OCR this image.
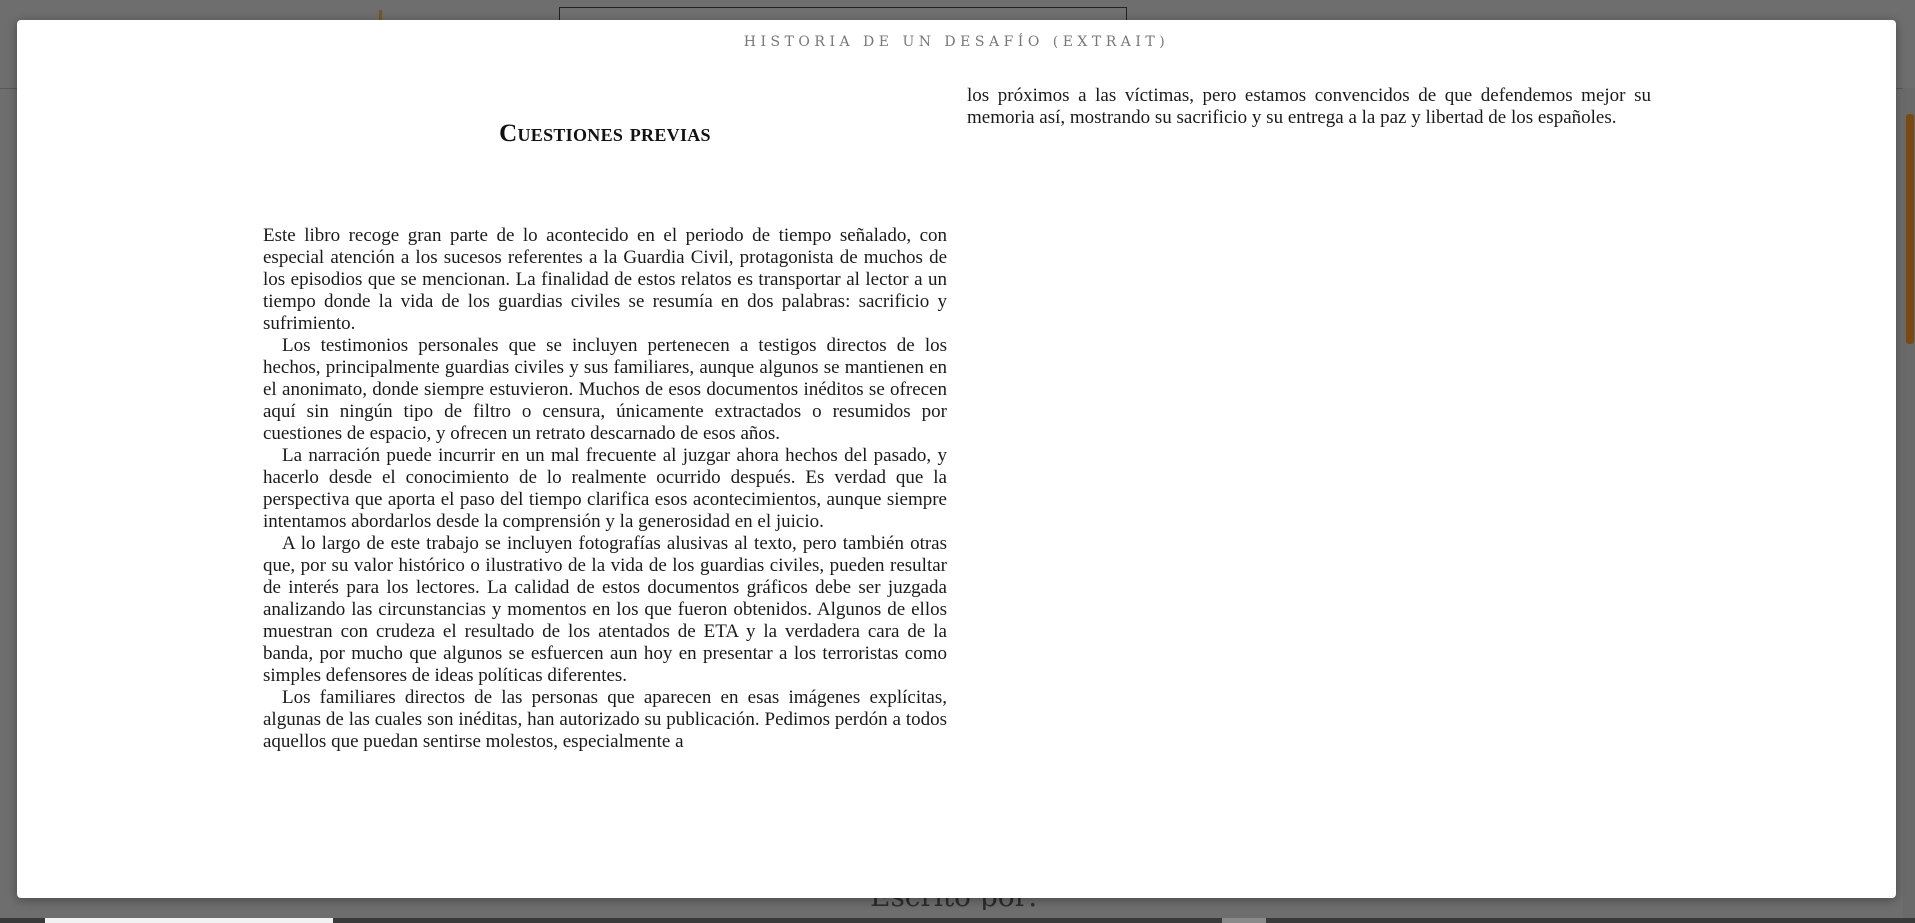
HISTORIA DE UN DESAFÍO (EXTRAIT)
Cuestiones previas

Este libro recoge gran parte de lo acontecido en el periodo de tiempo señalado, con especial atención a los sucesos referentes a la Guardia Civil, protagonista de muchos de los episodios que se mencionan. La finalidad de estos relatos es transportar al lector a un tiempo donde la vida de los guardias civiles se resumía en dos palabras: sacrificio y sufrimiento.

Los testimonios personales que se incluyen pertenecen a testigos directos de los hechos, principalmente guardias civiles y sus familiares, aunque algunos se mantienen en el anonimato, donde siempre estuvieron. Muchos de esos documentos inéditos se ofrecen aquí sin ningún tipo de filtro o censura, únicamente extractados o resumidos por cuestiones de espacio, y ofrecen un retrato descarnado de esos años.

La narración puede incurrir en un mal frecuente al juzgar ahora hechos del pasado, y hacerlo desde el conocimiento de lo realmente ocurrido después. Es verdad que la perspectiva que aporta el paso del tiempo clarifica esos acontecimientos, aunque siempre intentamos abordarlos desde la comprensión y la generosidad en el juicio.

A lo largo de este trabajo se incluyen fotografías alusivas al texto, pero también otras que, por su valor histórico o ilustrativo de la vida de los guardias civiles, pueden resultar de interés para los lectores. La calidad de estos documentos gráficos debe ser juzgada analizando las circunstancias y momentos en los que fueron obtenidos. Algunos de ellos muestran con crudeza el resultado de los atentados de ETA y la verdadera cara de la banda, por mucho que algunos se esfuercen aun hoy en presentar a los terroristas como simples defensores de ideas políticas diferentes.

Los familiares directos de las personas que aparecen en esas imágenes explícitas, algunas de las cuales son inéditas, han autorizado su publicación. Pedimos perdón a todos aquellos que puedan sentirse molestos, especialmente a

los próximos a las víctimas, pero estamos convencidos de que defendemos mejor su memoria así, mostrando su sacrificio y su entrega a la paz y libertad de los españoles.
